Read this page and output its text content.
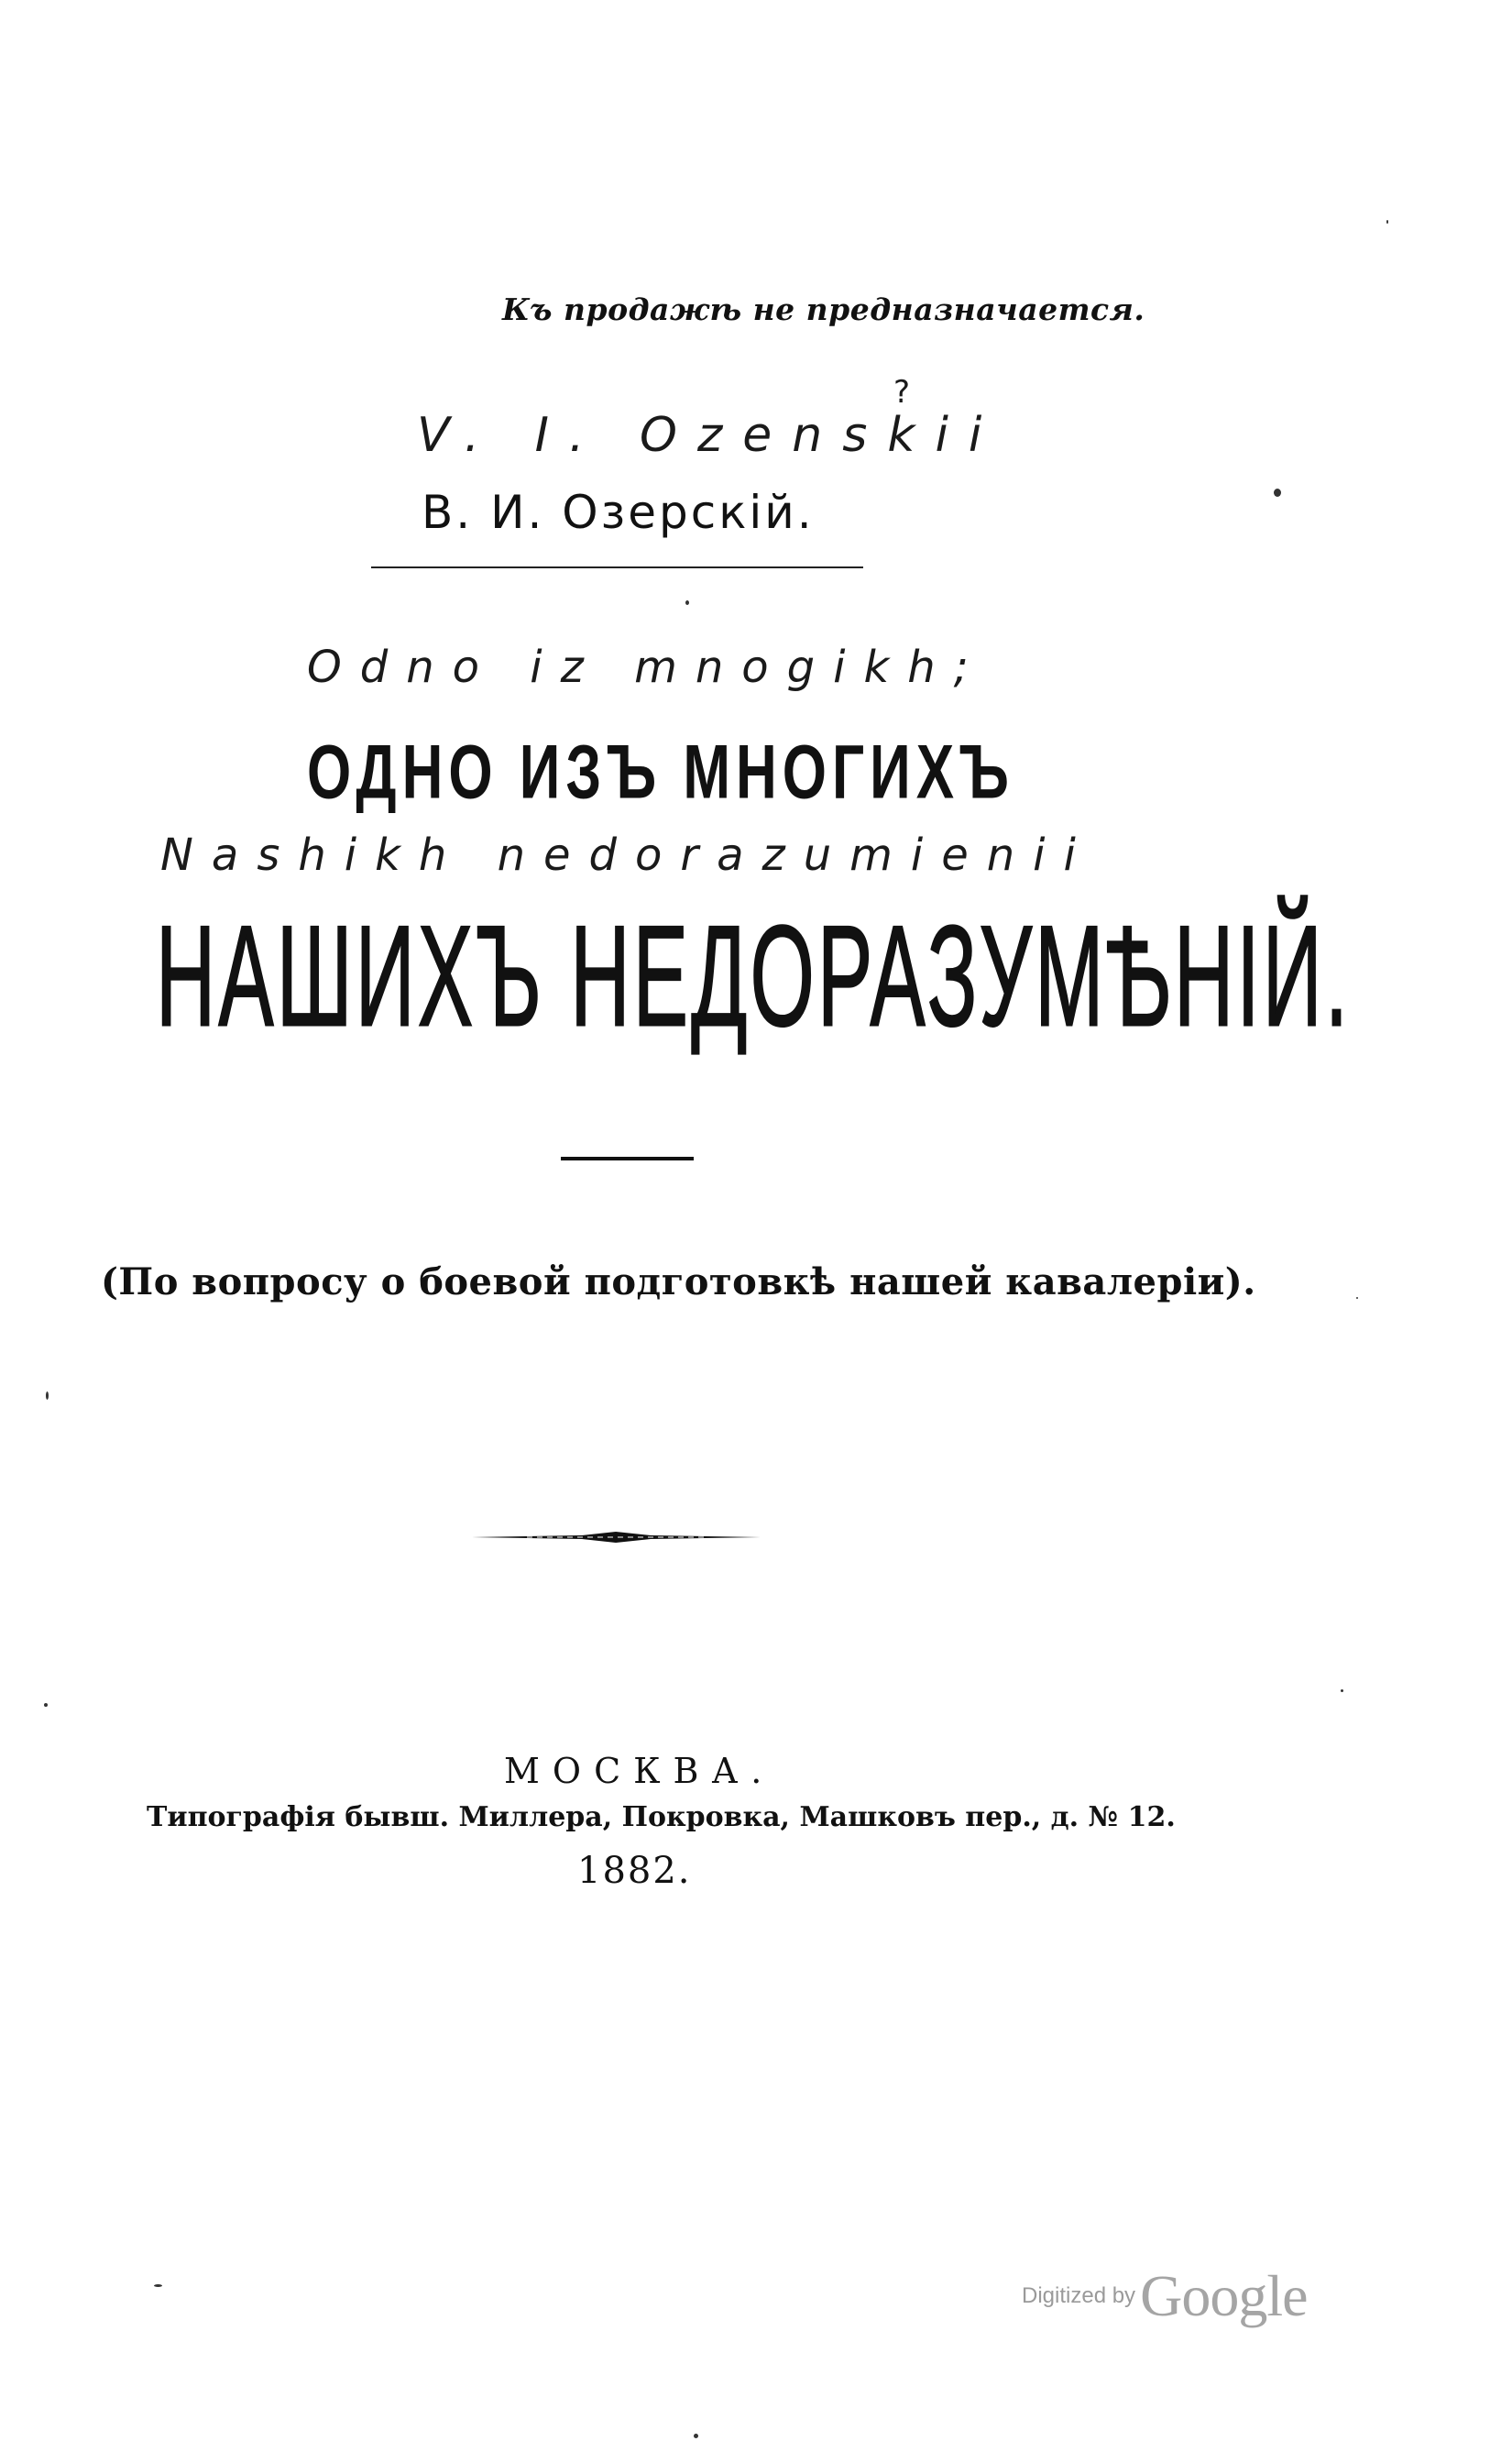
Къ продажѣ не предназначается.
V. I. Ozenskii
?
В. И. Озерскій.
Odno iz mnogikh;
ОДНО ИЗЪ МНОГИХЪ
Nashikh nedorazumienii
НАШИХЪ НЕДОРАЗУМѢНІЙ.
(По вопросу о боевой подготовкѣ нашей кавалеріи).
МОСКВА.
Типографія бывш. Миллера, Покровка, Машковъ пер., д. № 12.
1882.
Digitized by Google
